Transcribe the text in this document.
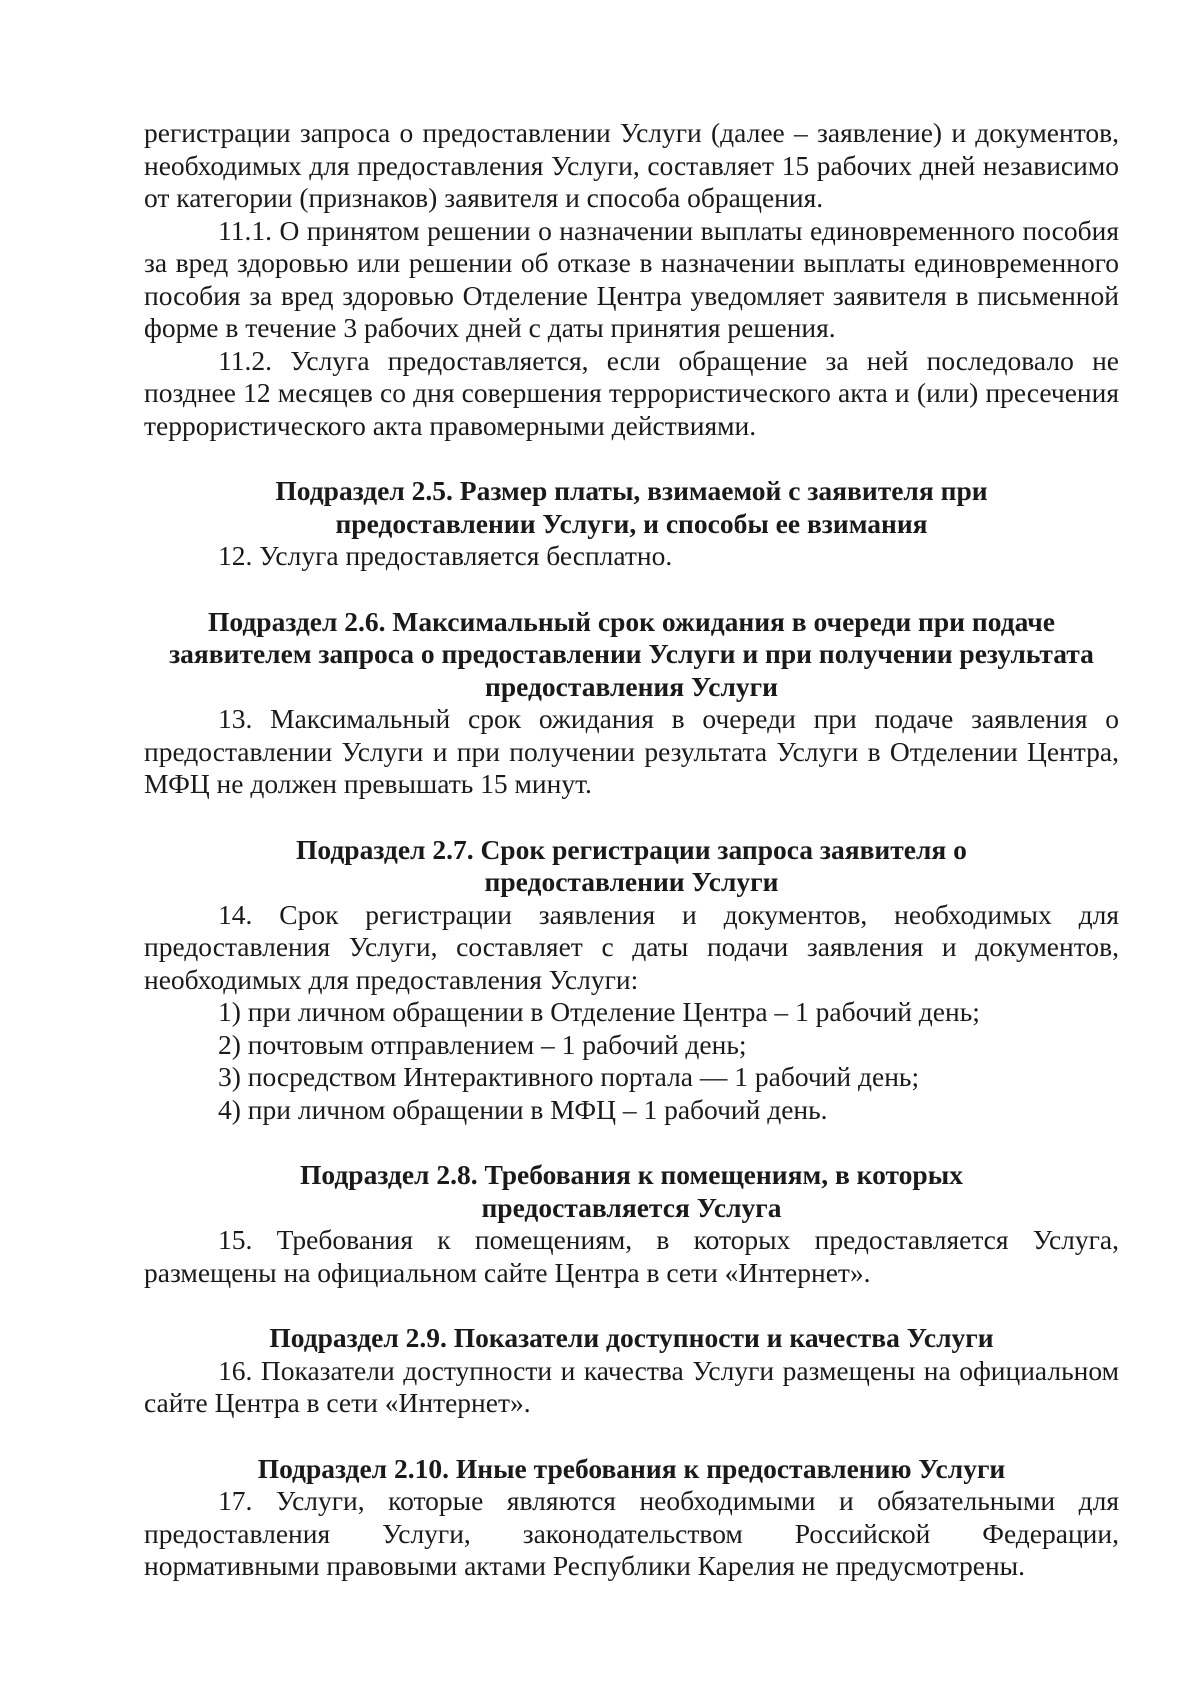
регистрации запроса о предоставлении Услуги (далее – заявление) и документов, необходимых для предоставления Услуги, составляет 15 рабочих дней независимо от категории (признаков) заявителя и способа обращения.

11.1. О принятом решении о назначении выплаты единовременного пособия за вред здоровью или решении об отказе в назначении выплаты единовременного пособия за вред здоровью Отделение Центра уведомляет заявителя в письменной форме в течение 3 рабочих дней с даты принятия решения.

11.2. Услуга предоставляется, если обращение за ней последовало не позднее 12 месяцев со дня совершения террористического акта и (или) пресечения террористического акта правомерными действиями.

Подраздел 2.5. Размер платы, взимаемой с заявителя при
предоставлении Услуги, и способы ее взимания

12. Услуга предоставляется бесплатно.

Подраздел 2.6. Максимальный срок ожидания в очереди при подаче
заявителем запроса о предоставлении Услуги и при получении результата
предоставления Услуги

13. Максимальный срок ожидания в очереди при подаче заявления о предоставлении Услуги и при получении результата Услуги в Отделении Центра, МФЦ не должен превышать 15 минут.

Подраздел 2.7. Срок регистрации запроса заявителя о
предоставлении Услуги

14. Срок регистрации заявления и документов, необходимых для предоставления Услуги, составляет с даты подачи заявления и документов, необходимых для предоставления Услуги:

1) при личном обращении в Отделение Центра – 1 рабочий день;

2) почтовым отправлением – 1 рабочий день;

3) посредством Интерактивного портала — 1 рабочий день;

4) при личном обращении в МФЦ – 1 рабочий день.

Подраздел 2.8. Требования к помещениям, в которых
предоставляется Услуга

15. Требования к помещениям, в которых предоставляется Услуга, размещены на официальном сайте Центра в сети «Интернет».

Подраздел 2.9. Показатели доступности и качества Услуги

16. Показатели доступности и качества Услуги размещены на официальном сайте Центра в сети «Интернет».

Подраздел 2.10. Иные требования к предоставлению Услуги

17. Услуги, которые являются необходимыми и обязательными для предоставления Услуги, законодательством Российской Федерации, нормативными правовыми актами Республики Карелия не предусмотрены.
